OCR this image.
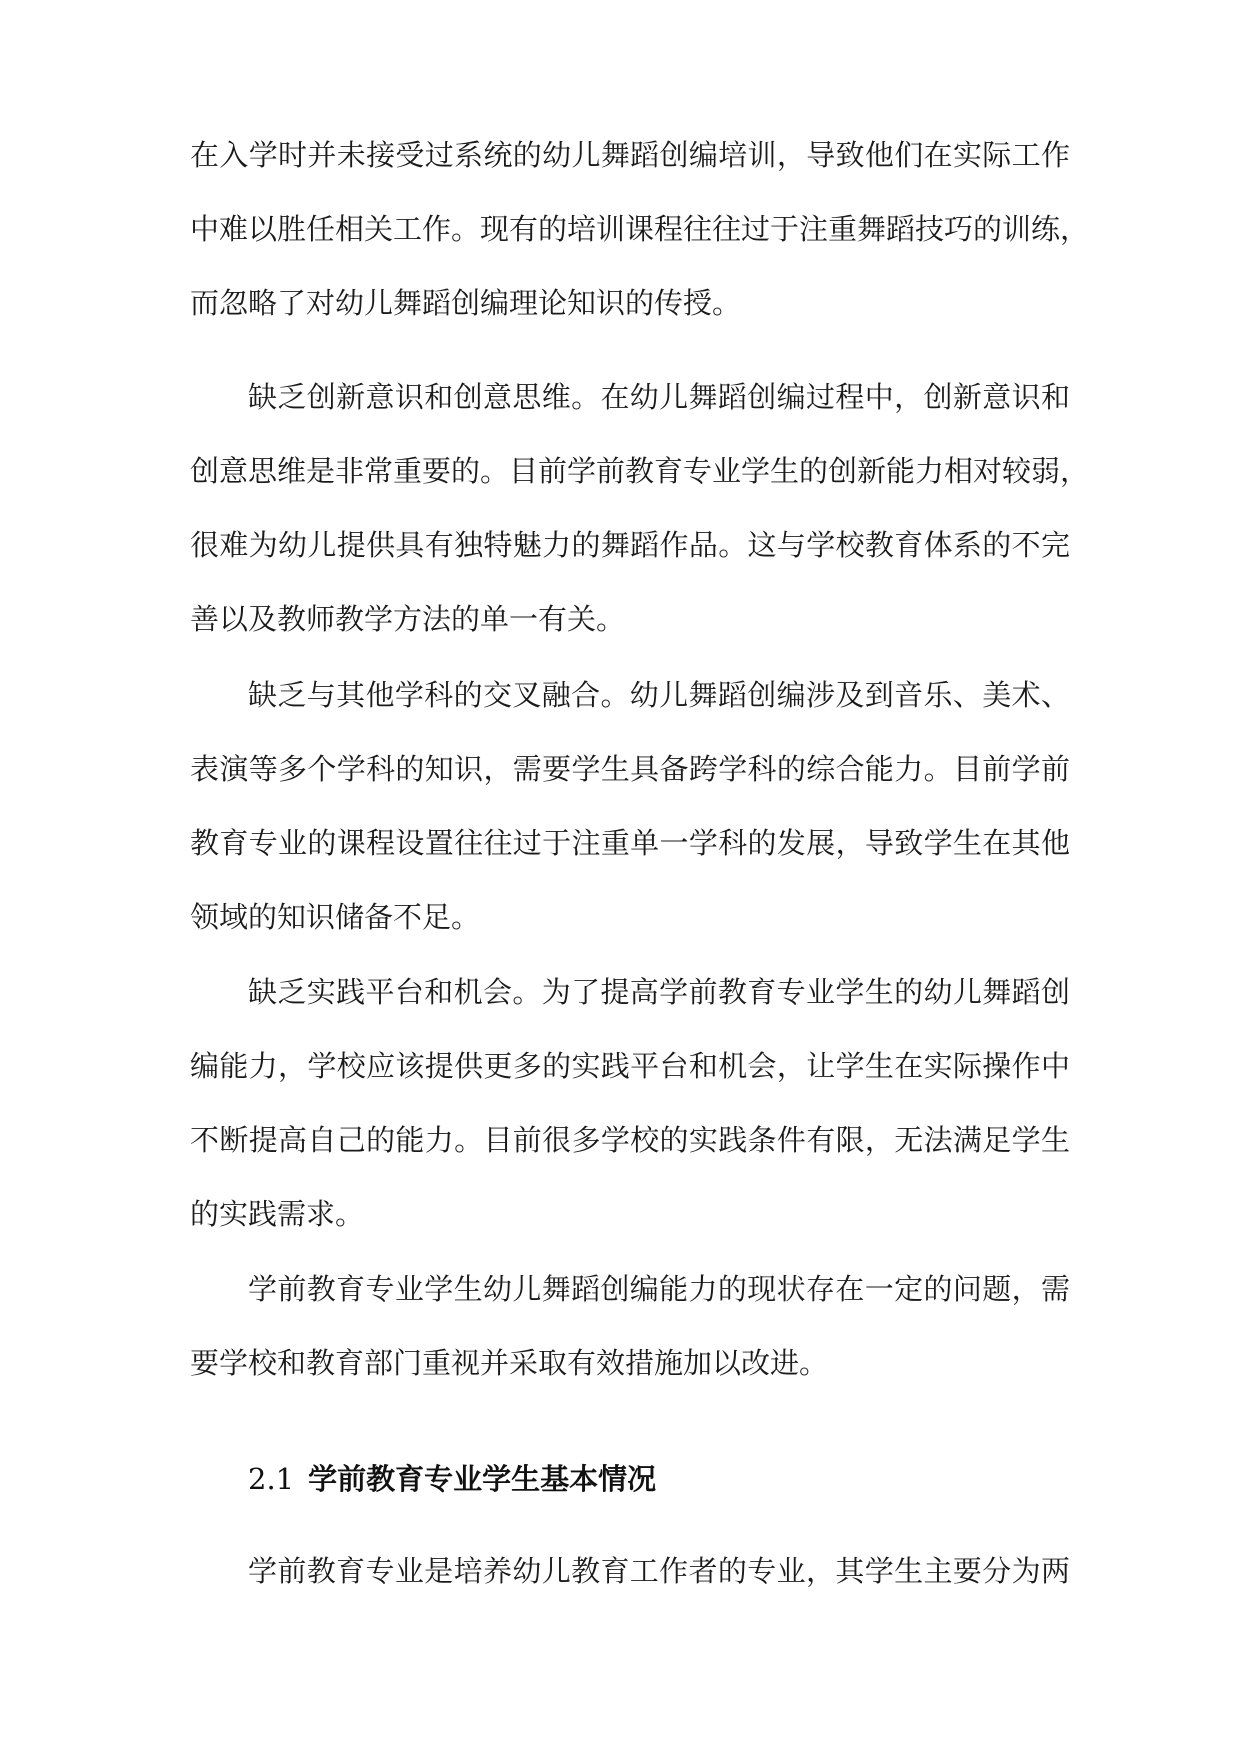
在入学时并未接受过系统的幼儿舞蹈创编培训，导致他们在实际工作
中难以胜任相关工作。现有的培训课程往往过于注重舞蹈技巧的训练，
而忽略了对幼儿舞蹈创编理论知识的传授。
缺乏创新意识和创意思维。在幼儿舞蹈创编过程中，创新意识和
创意思维是非常重要的。目前学前教育专业学生的创新能力相对较弱，
很难为幼儿提供具有独特魅力的舞蹈作品。这与学校教育体系的不完
善以及教师教学方法的单一有关。
缺乏与其他学科的交叉融合。幼儿舞蹈创编涉及到音乐、美术、
表演等多个学科的知识，需要学生具备跨学科的综合能力。目前学前
教育专业的课程设置往往过于注重单一学科的发展，导致学生在其他
领域的知识储备不足。
缺乏实践平台和机会。为了提高学前教育专业学生的幼儿舞蹈创
编能力，学校应该提供更多的实践平台和机会，让学生在实际操作中
不断提高自己的能力。目前很多学校的实践条件有限，无法满足学生
的实践需求。
学前教育专业学生幼儿舞蹈创编能力的现状存在一定的问题，需
要学校和教育部门重视并采取有效措施加以改进。
2.1 学前教育专业学生基本情况
学前教育专业是培养幼儿教育工作者的专业，其学生主要分为两
